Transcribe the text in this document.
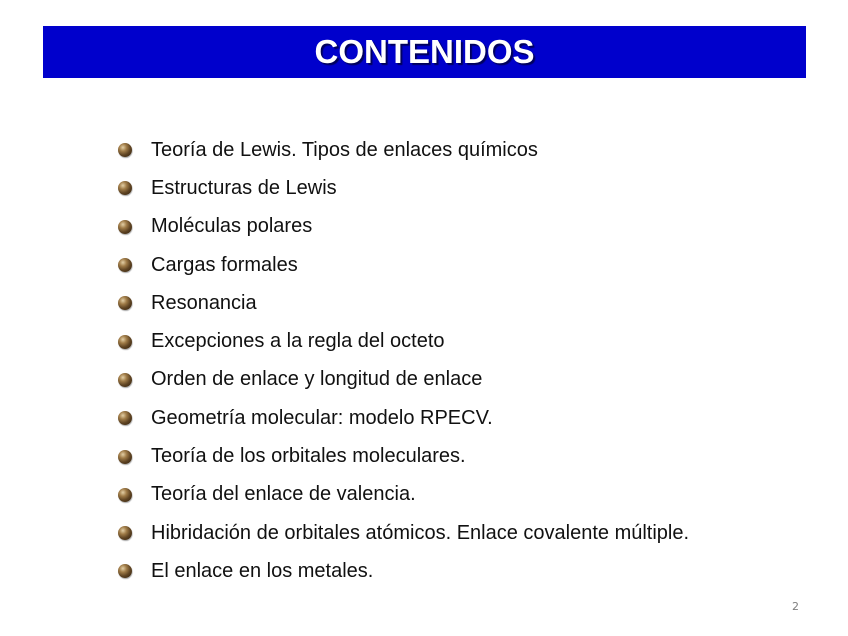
CONTENIDOS
Teoría de Lewis. Tipos de enlaces químicos
Estructuras de Lewis
Moléculas polares
Cargas formales
Resonancia
Excepciones a la regla del octeto
Orden de enlace y longitud de enlace
Geometría molecular: modelo RPECV.
Teoría de los orbitales moleculares.
Teoría del enlace de valencia.
Hibridación de orbitales atómicos. Enlace covalente múltiple.
El enlace en los metales.
2
